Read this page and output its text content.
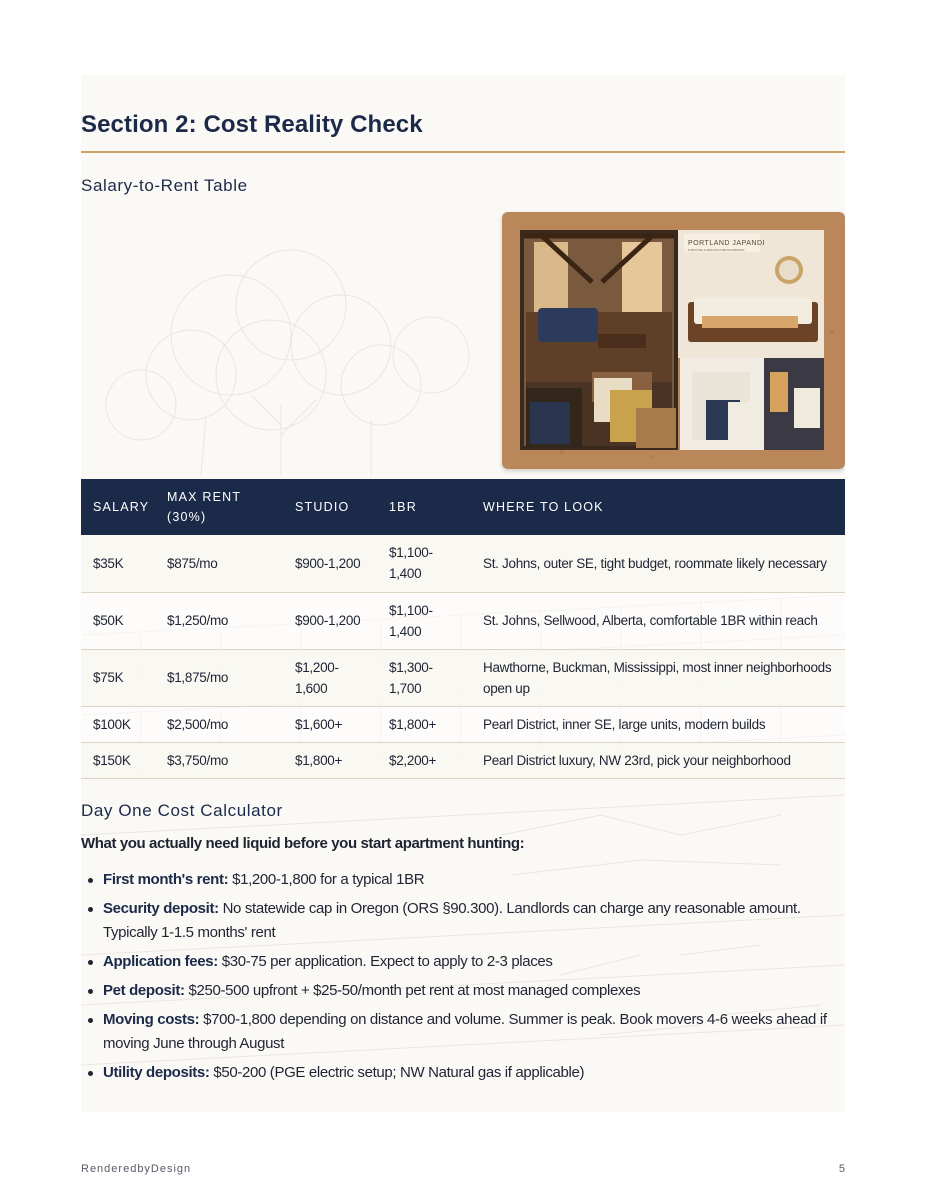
Section 2: Cost Reality Check
Salary-to-Rent Table
PORTLAND JAPANDI
FURNITURE & ARCHITECTURE MOODBOARD
SALARY	MAX RENT (30%)	STUDIO	1BR	WHERE TO LOOK
$35K	$875/mo	$900-1,200	$1,100-1,400	St. Johns, outer SE, tight budget, roommate likely necessary
$50K	$1,250/mo	$900-1,200	$1,100-1,400	St. Johns, Sellwood, Alberta, comfortable 1BR within reach
$75K	$1,875/mo	$1,200-1,600	$1,300-1,700	Hawthorne, Buckman, Mississippi, most inner neighborhoods open up
$100K	$2,500/mo	$1,600+	$1,800+	Pearl District, inner SE, large units, modern builds
$150K	$3,750/mo	$1,800+	$2,200+	Pearl District luxury, NW 23rd, pick your neighborhood
Day One Cost Calculator

What you actually need liquid before you start apartment hunting:

First month's rent: $1,200-1,800 for a typical 1BR
Security deposit: No statewide cap in Oregon (ORS §90.300). Landlords can charge any reasonable amount. Typically 1-1.5 months' rent
Application fees: $30-75 per application. Expect to apply to 2-3 places
Pet deposit: $250-500 upfront + $25-50/month pet rent at most managed complexes
Moving costs: $700-1,800 depending on distance and volume. Summer is peak. Book movers 4-6 weeks ahead if moving June through August
Utility deposits: $50-200 (PGE electric setup; NW Natural gas if applicable)
RenderedbyDesign	5
